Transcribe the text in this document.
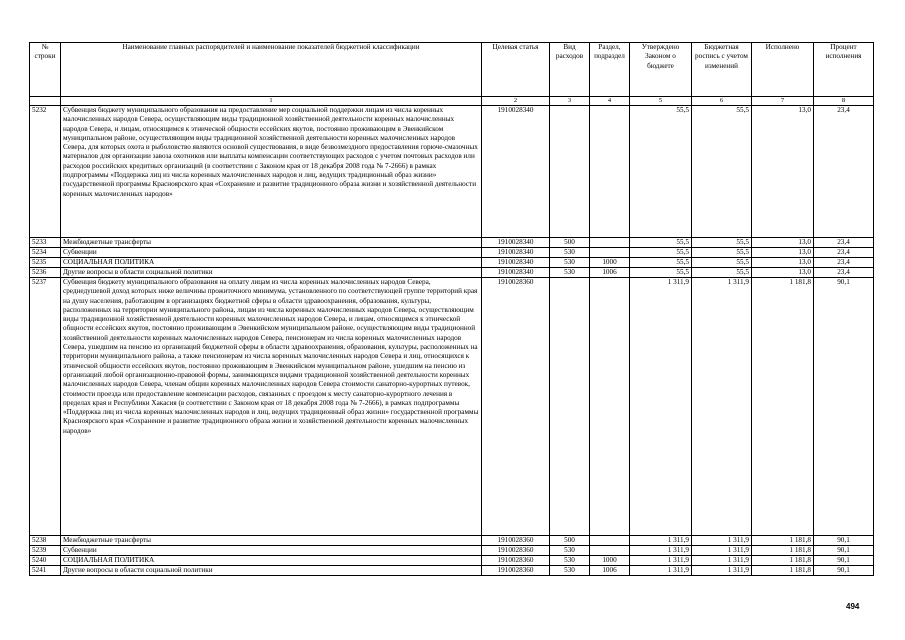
№ строки	Наименование главных распорядителей и наименование показателей бюджетной классификации	Целевая статья	Вид расходов	Раздел, подраздел	Утверждено Законом о бюджете	Бюджетная роспись с учетом изменений	Исполнено	Процент исполнения
	1	2	3	4	5	6	7	8
5232	Субвенция бюджету муниципального образования на предоставление мер социальной поддержки лицам из числа коренных малочисленных народов Севера, осуществляющим виды традиционной хозяйственной деятельности коренных малочисленных народов Севера, и лицам, относящимся к этнической общности ессейских якутов, постоянно проживающим в Эвенкийском муниципальном районе, осуществляющим виды традиционной хозяйственной деятельности коренных малочисленных народов Севера, для которых охота и рыболовство являются основой существования, в виде безвозмездного предоставления горюче-смазочных материалов для организации завоза охотников или выплаты компенсации соответствующих расходов с учетом почтовых расходов или расходов российских кредитных организаций (в соответствии с Законом края от 18 декабря 2008 года № 7-2666) в рамках подпрограммы «Поддержка лиц из числа коренных малочисленных народов и лиц, ведущих традиционный образ жизни» государственной программы Красноярского края «Сохранение и развитие традиционного образа жизни и хозяйственной деятельности коренных малочисленных народов»	1910028340			55,5	55,5	13,0	23,4
5233	Межбюджетные трансферты	1910028340	500		55,5	55,5	13,0	23,4
5234	Субвенции	1910028340	530		55,5	55,5	13,0	23,4
5235	СОЦИАЛЬНАЯ ПОЛИТИКА	1910028340	530	1000	55,5	55,5	13,0	23,4
5236	Другие вопросы в области социальной политики	1910028340	530	1006	55,5	55,5	13,0	23,4
5237	Субвенция бюджету муниципального образования на оплату лицам из числа коренных малочисленных народов Севера, среднедушевой доход которых ниже величины прожиточного минимума, установленного по соответствующей группе территорий края на душу населения, работающим в организациях бюджетной сферы в области здравоохранения, образования, культуры, расположенных на территории муниципального района, лицам из числа коренных малочисленных народов Севера, осуществляющим виды традиционной хозяйственной деятельности коренных малочисленных народов Севера, и лицам, относящимся к этнической общности ессейских якутов, постоянно проживающим в Эвенкийском муниципальном районе, осуществляющим виды традиционной хозяйственной деятельности коренных малочисленных народов Севера, пенсионерам из числа коренных малочисленных народов Севера, ушедшим на пенсию из организаций бюджетной сферы в области здравоохранения, образования, культуры, расположенных на территории муниципального района, а также пенсионерам из числа коренных малочисленных народов Севера и лиц, относящихся к этнической общности ессейских якутов, постоянно проживающим в Эвенкийском муниципальном районе, ушедшим на пенсию из организаций любой организационно-правовой формы, занимающихся видами традиционной хозяйственной деятельности коренных малочисленных народов Севера, членам общин коренных малочисленных народов Севера стоимости санаторно-курортных путевок, стоимости проезда или предоставление компенсации расходов, связанных с проездом к месту санаторно-курортного лечения в пределах края и Республики Хакасия (в соответствии с Законом края от 18 декабря 2008 года № 7-2666), в рамках подпрограммы «Поддержка лиц из числа коренных малочисленных народов и лиц, ведущих традиционный образ жизни» государственной программы Красноярского края «Сохранение и развитие традиционного образа жизни и хозяйственной деятельности коренных малочисленных народов»	1910028360			1 311,9	1 311,9	1 181,8	90,1
5238	Межбюджетные трансферты	1910028360	500		1 311,9	1 311,9	1 181,8	90,1
5239	Субвенции	1910028360	530		1 311,9	1 311,9	1 181,8	90,1
5240	СОЦИАЛЬНАЯ ПОЛИТИКА	1910028360	530	1000	1 311,9	1 311,9	1 181,8	90,1
5241	Другие вопросы в области социальной политики	1910028360	530	1006	1 311,9	1 311,9	1 181,8	90,1
494
